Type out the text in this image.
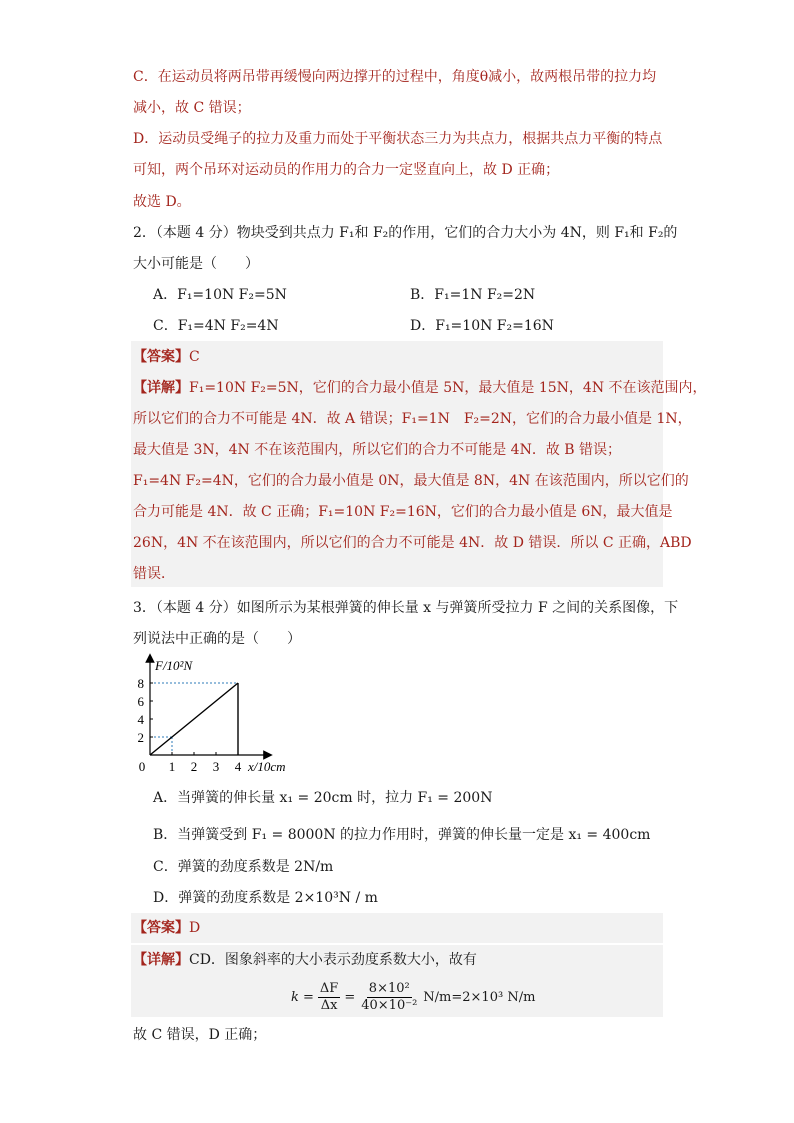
C．在运动员将两吊带再缓慢向两边撑开的过程中，角度θ减小，故两根吊带的拉力均
减小，故 C 错误；
D．运动员受绳子的拉力及重力而处于平衡状态三力为共点力，根据共点力平衡的特点
可知，两个吊环对运动员的作用力的合力一定竖直向上，故 D 正确；
故选 D。
2．（本题 4 分）物块受到共点力 F₁和 F₂的作用，它们的合力大小为 4N，则 F₁和 F₂的
大小可能是（　　）
A．F₁=10N F₂=5N	B．F₁=1N F₂=2N
C．F₁=4N F₂=4N	D．F₁=10N F₂=16N
【答案】C
【详解】F₁=10N F₂=5N，它们的合力最小值是 5N，最大值是 15N，4N 不在该范围内，
所以它们的合力不可能是 4N．故 A 错误；F₁=1N　F₂=2N，它们的合力最小值是 1N，
最大值是 3N，4N 不在该范围内，所以它们的合力不可能是 4N．故 B 错误；
F₁=4N F₂=4N，它们的合力最小值是 0N，最大值是 8N，4N 在该范围内，所以它们的
合力可能是 4N．故 C 正确；F₁=10N F₂=16N，它们的合力最小值是 6N，最大值是
26N，4N 不在该范围内，所以它们的合力不可能是 4N．故 D 错误．所以 C 正确，ABD
错误．
3．（本题 4 分）如图所示为某根弹簧的伸长量 x 与弹簧所受拉力 F 之间的关系图像，下
列说法中正确的是（　　）
0 1 2 3 4
2
4
6
8
F/10²N
x/10cm
A．当弹簧的伸长量 x₁ = 20cm 时，拉力 F₁ = 200N
B．当弹簧受到 F₁ = 8000N 的拉力作用时，弹簧的伸长量一定是 x₁ = 400cm
C．弹簧的劲度系数是 2N/m
D．弹簧的劲度系数是 2×10³N / m
【答案】D
【详解】CD．图象斜率的大小表示劲度系数大小，故有
$k = \frac{\Delta F}{\Delta x} = \frac{\text{8×10²}}{\text{40×10⁻²}} N/m=2\times 10^3$ N/m
故 C 错误，D 正确；
